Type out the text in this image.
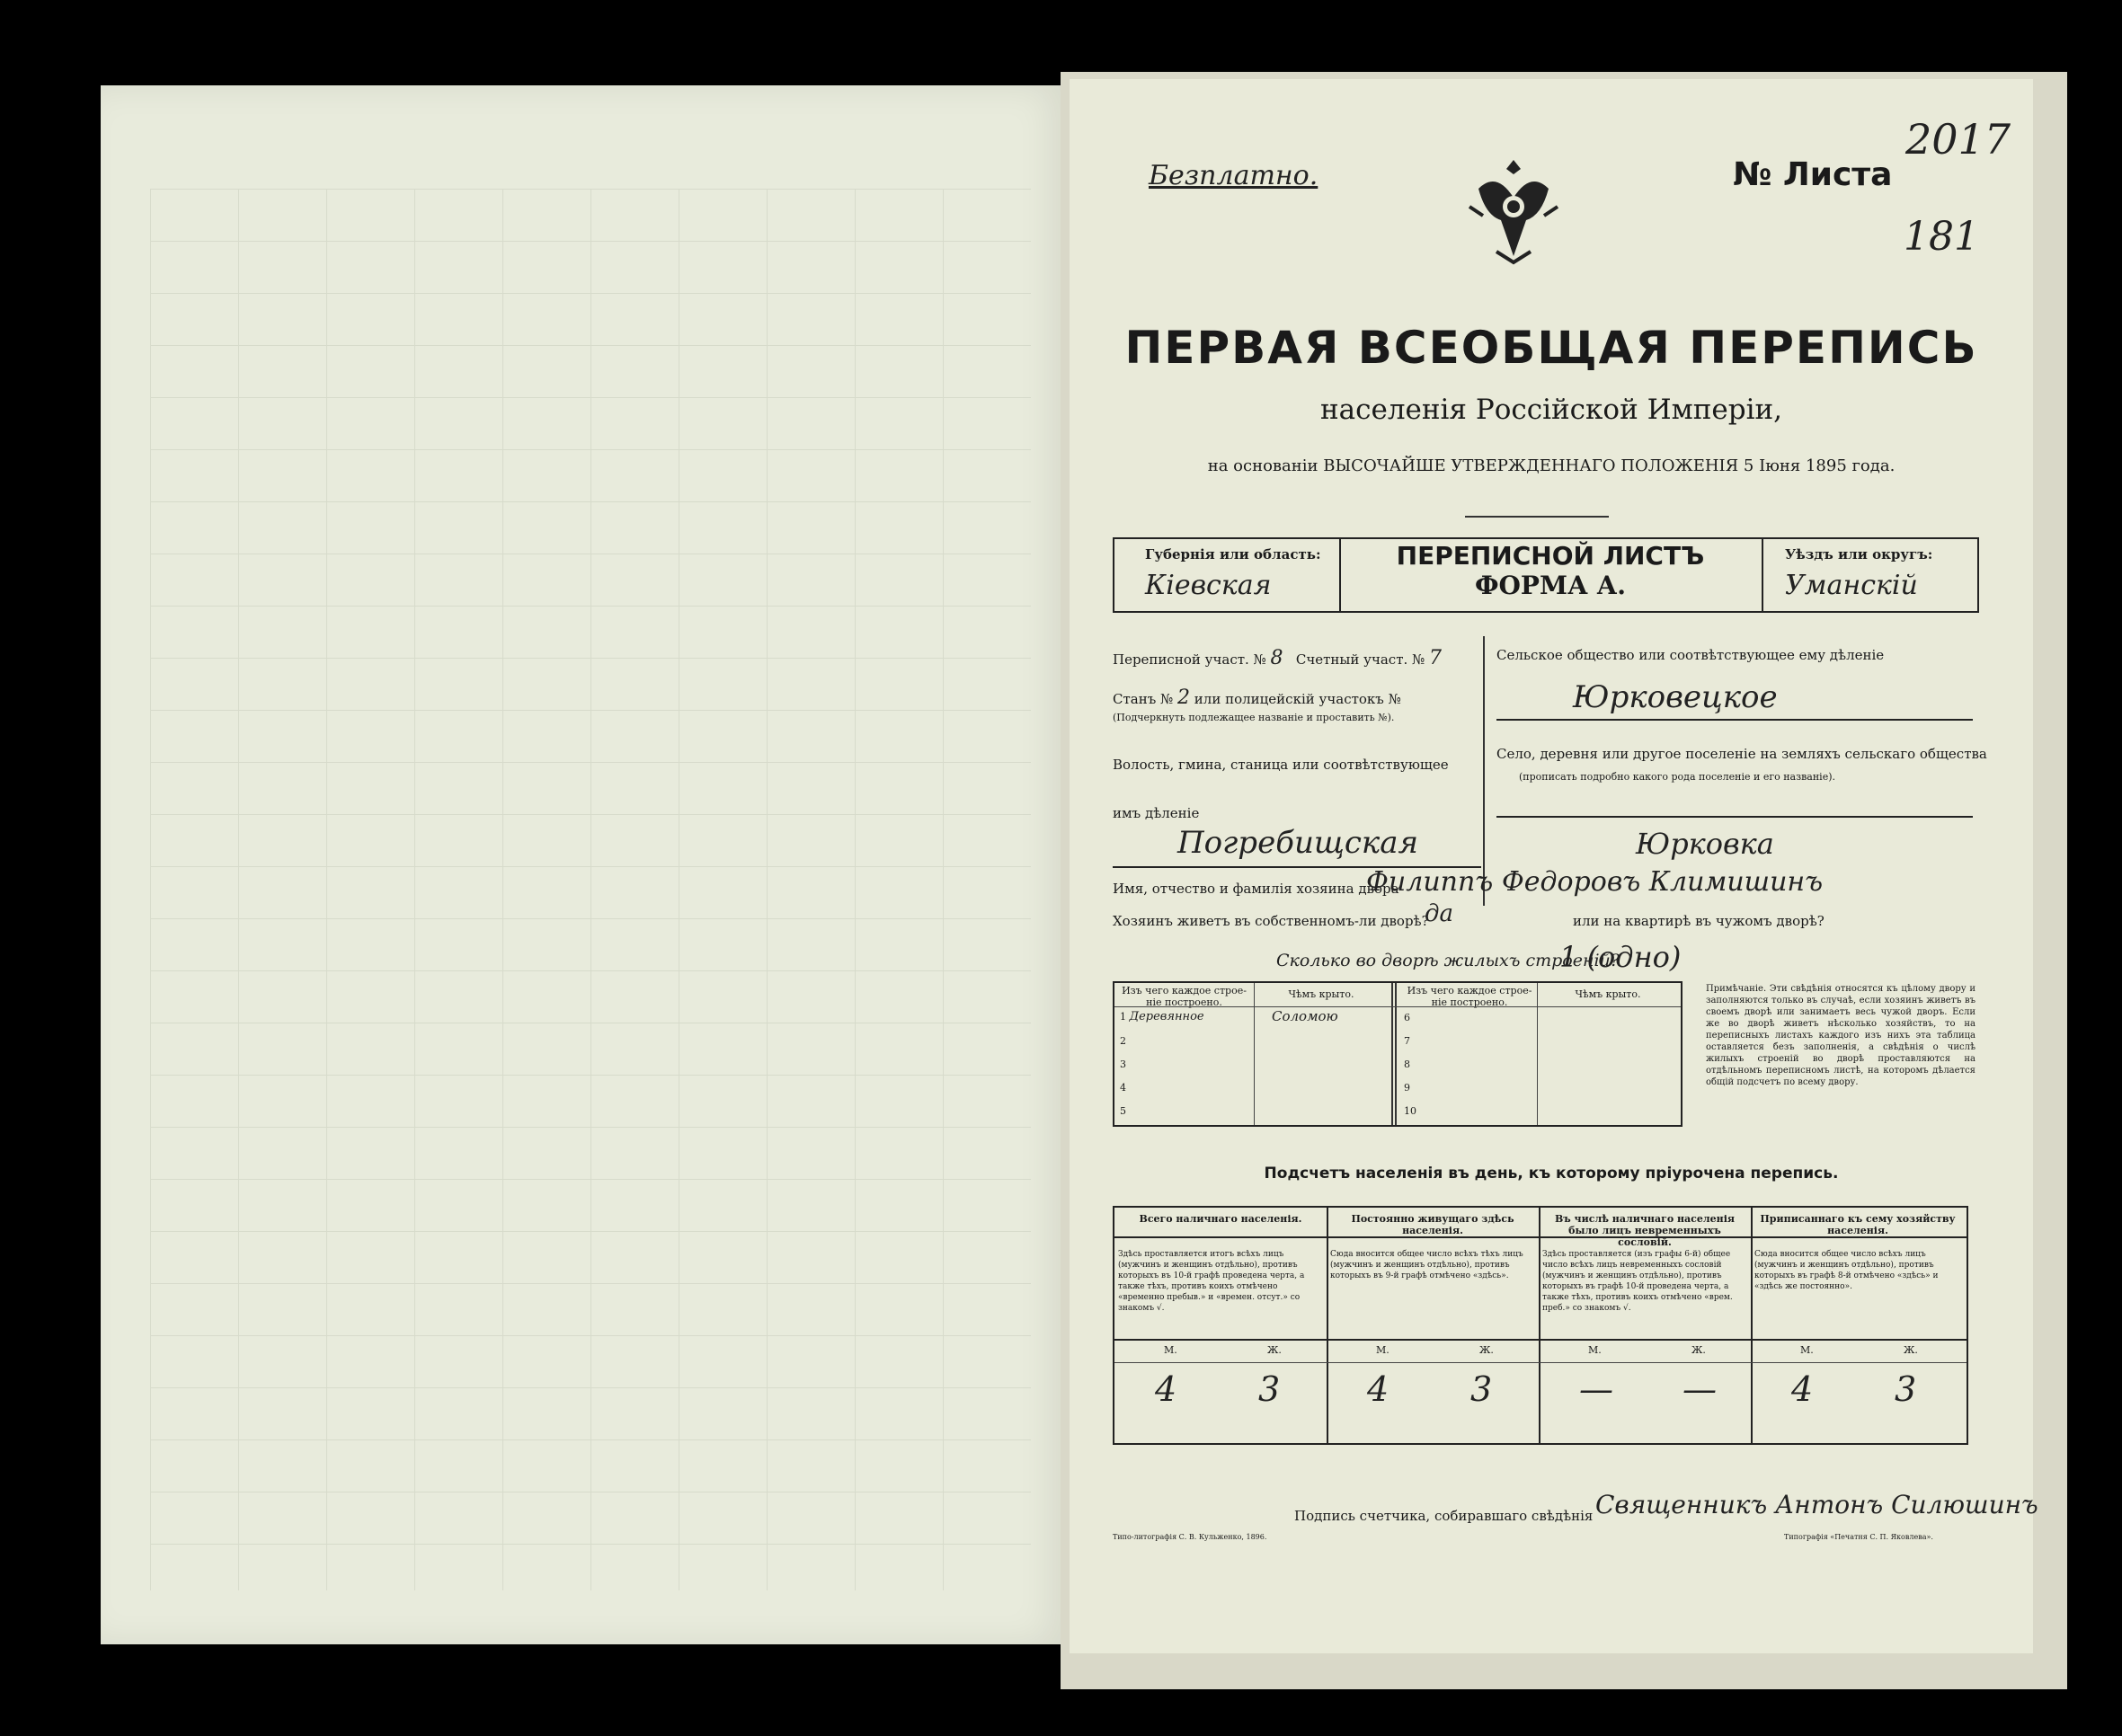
Безплатно.	№ Листа
2017
181
ПЕРВАЯ ВСЕОБЩАЯ ПЕРЕПИСЬ
населенія Россійской Имперіи,
на основаніи ВЫСОЧАЙШЕ УТВЕРЖДЕННАГО ПОЛОЖЕНІЯ 5 Іюня 1895 года.
Губернія или область:
Кіевская
ПЕРЕПИСНОЙ ЛИСТЪ
ФОРМА А.
Уѣздъ или округъ:
Уманскій
Переписной участ. № 8 Счетный участ. № 7
Станъ № 2 или полицейскій участокъ №
(Подчеркнуть подлежащее названіе и проставить №).
Волость, гмина, станица или соотвѣтствующее
имъ дѣленіе
Погребищская
Сельское общество или соотвѣтствующее ему дѣленіе
Юрковецкое
Село, деревня или другое поселеніе на земляхъ сельскаго общества
(прописать подробно какого рода поселеніе и его названіе).
Юрковка
Имя, отчество и фамилія хозяина двора
Филиппъ Федоровъ Климишинъ
Хозяинъ живетъ въ собственномъ-ли дворѣ?
да	или на квартирѣ въ чужомъ дворѣ?
Сколько во дворѣ жилыхъ строеній?
1 (одно)
Изъ чего каждое строе-ніе построено.
Чѣмъ крыто.	Изъ чего каждое строе-ніе построено.
Чѣмъ крыто.
1 Деревянное	Соломою
2
3
4
5
6
7
8
9
10
Примѣчаніе. Эти свѣдѣнія относятся къ цѣлому двору и заполняются только въ случаѣ, если хозяинъ живетъ въ своемъ дворѣ или занимаетъ весь чужой дворъ. Если же во дворѣ живетъ нѣсколько хозяйствъ, то на переписныхъ листахъ каждого изъ нихъ эта таблица оставляется безъ заполненія, а свѣдѣнія о числѣ жилыхъ строеній во дворѣ проставляются на отдѣльномъ переписномъ листѣ, на которомъ дѣлается общій подсчетъ по всему двору.
Подсчетъ населенія въ день, къ которому пріурочена перепись.
Всего наличнаго населенія.
Здѣсь проставляется итогъ всѣхъ лицъ (мужчинъ и женщинъ отдѣльно), противъ которыхъ въ 10-й графѣ проведена черта, а также тѣхъ, противъ коихъ отмѣчено «временно пребыв.» и «времен. отсут.» со знакомъ √.
М.	Ж.
4 3
Постоянно живущаго здѣсь населенія.
Сюда вносится общее число всѣхъ тѣхъ лицъ (мужчинъ и женщинъ отдѣльно), противъ которыхъ въ 9-й графѣ отмѣчено «здѣсь».
М.	Ж.
4 3
Въ числѣ наличнаго населенія было лицъ невременныхъ сословій.
Здѣсь проставляется (изъ графы 6-й) общее число всѣхъ лицъ невременныхъ сословій (мужчинъ и женщинъ отдѣльно), противъ которыхъ въ графѣ 10-й проведена черта, а также тѣхъ, противъ коихъ отмѣчено «врем. преб.» со знакомъ √.
М.	Ж.
— —
Приписаннаго къ сему хозяйству населенія.
Сюда вносится общее число всѣхъ лицъ (мужчинъ и женщинъ отдѣльно), противъ которыхъ въ графѣ 8-й отмѣчено «здѣсь» и «здѣсь же постоянно».
М.	Ж.
4 3
Подпись счетчика, собиравшаго свѣдѣнія Священникъ Антонъ Силюшинъ
Типо-литографія С. В. Кульженко, 1896.	Типографія «Печатня С. П. Яковлева».
